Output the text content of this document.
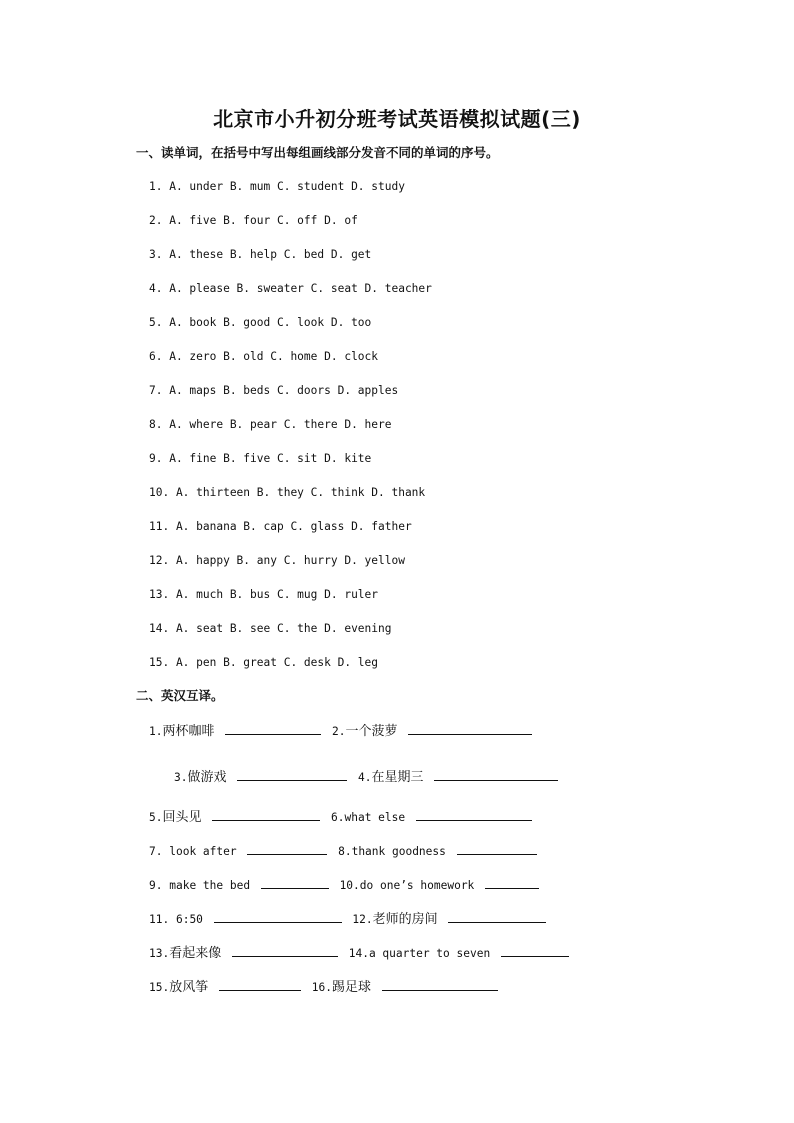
北京市小升初分班考试英语模拟试题(三)
一、读单词，在括号中写出每组画线部分发音不同的单词的序号。
1. A. under B. mum C. student D. study
2. A. five B. four C. off D. of
3. A. these B. help C. bed D. get
4. A. please B. sweater C. seat D. teacher
5. A. book B. good C. look D. too
6. A. zero B. old C. home D. clock
7. A. maps B. beds C. doors D. apples
8. A. where B. pear C. there D. here
9. A. fine B. five C. sit D. kite
10. A. thirteen B. they C. think D. thank
11. A. banana B. cap C. glass D. father
12. A. happy B. any C. hurry D. yellow
13. A. much B. bus C. mug D. ruler
14. A. seat B. see C. the D. evening
15. A. pen B. great C. desk D. leg
二、英汉互译。
1.两杯咖啡	2.一个菠萝
3.做游戏	4.在星期三
5.回头见	6.what else
7. look after	8.thank goodness
9. make the bed	10.do one’s homework
11. 6:50	12.老师的房间
13.看起来像	14.a quarter to seven
15.放风筝	16.踢足球
